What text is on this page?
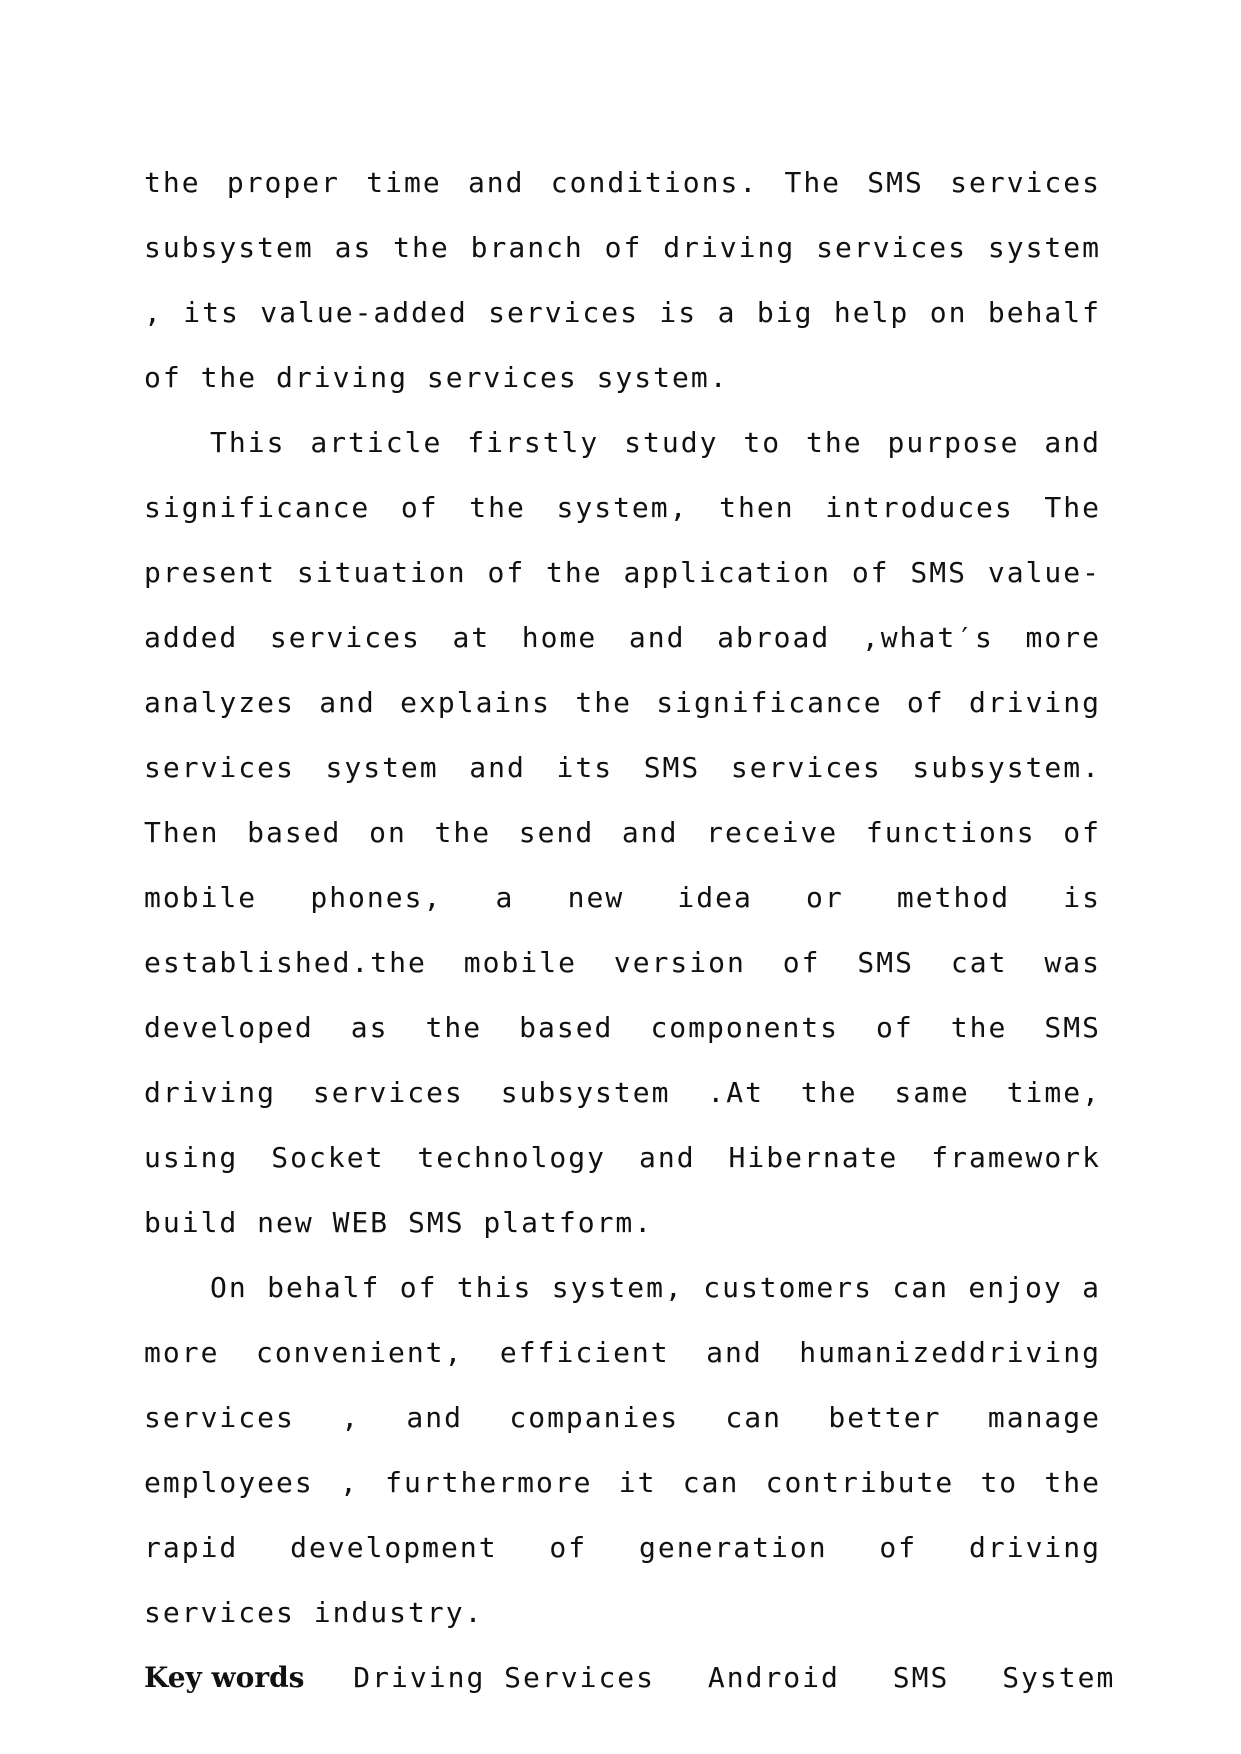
the proper time and conditions. The SMS services subsystem as the branch of driving services system , its value-added services is a big help on behalf of the driving services system.

This article firstly study to the purpose and significance of the system, then introduces The present situation of the application of SMS value-added services at home and abroad ,what′s more analyzes and explains the significance of driving services system and its SMS services subsystem. Then based on the send and receive functions of mobile phones, a new idea or method is established.the mobile version of SMS cat was developed as the based components of the SMS driving services subsystem .At the same time, using Socket technology and Hibernate framework build new WEB SMS platform.

On behalf of this system, customers can enjoy a more convenient, efficient and humanizeddriving services , and companies can better manage employees , furthermore it can contribute to the rapid development of generation of driving services industry.

Key words Driving Services Android SMS System
